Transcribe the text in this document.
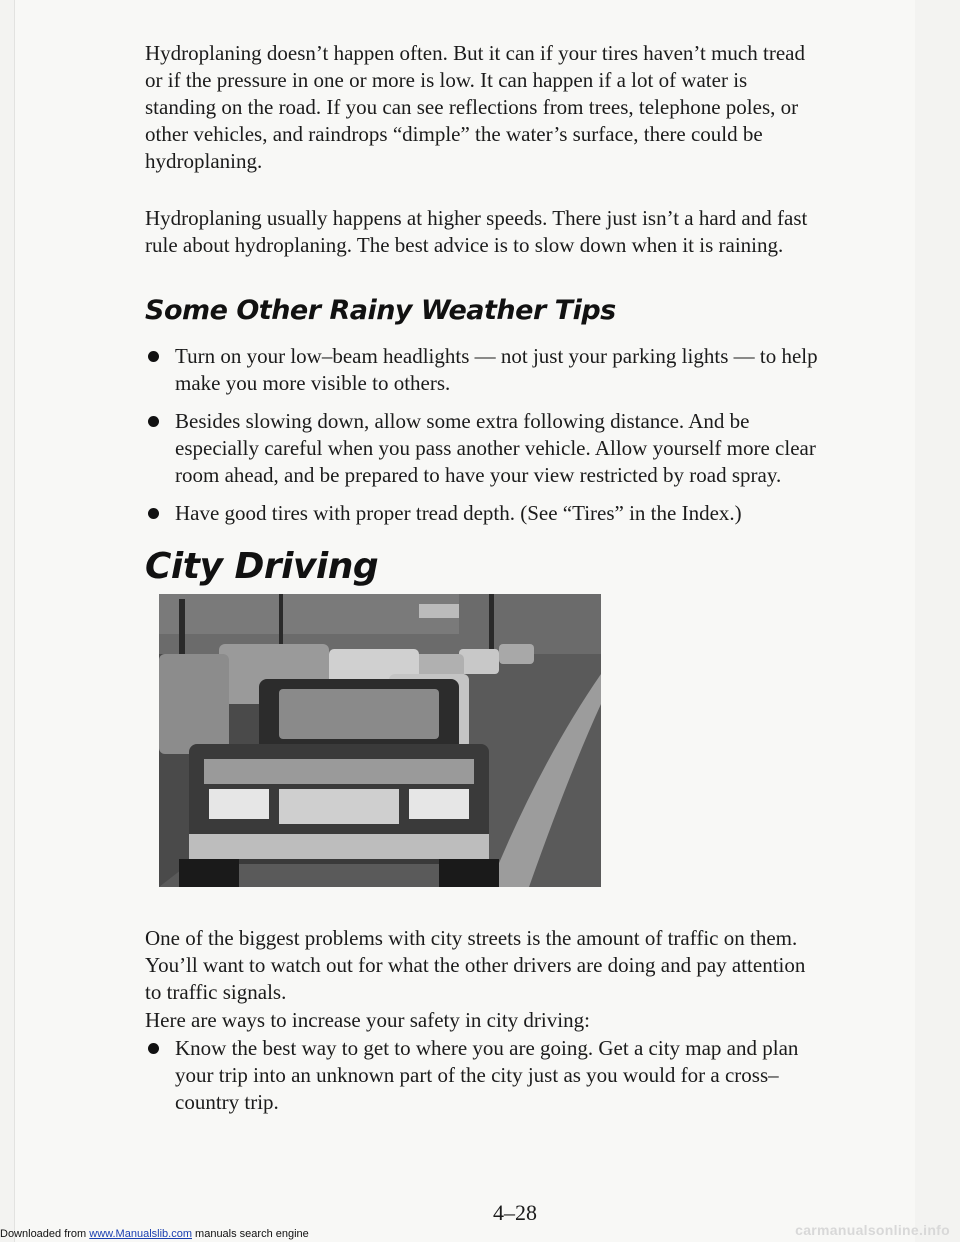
Hydroplaning doesn’t happen often. But it can if your tires haven’t much tread or if the pressure in one or more is low. It can happen if a lot of water is standing on the road. If you can see reflections from trees, telephone poles, or other vehicles, and raindrops “dimple” the water’s surface, there could be hydroplaning.

Hydroplaning usually happens at higher speeds. There just isn’t a hard and fast rule about hydroplaning. The best advice is to slow down when it is raining.

Some Other Rainy Weather Tips
Turn on your low–beam headlights — not just your parking lights — to help make you more visible to others.
Besides slowing down, allow some extra following distance. And be especially careful when you pass another vehicle. Allow yourself more clear room ahead, and be prepared to have your view restricted by road spray.
Have good tires with proper tread depth. (See “Tires” in the Index.)
City Driving

One of the biggest problems with city streets is the amount of traffic on them. You’ll want to watch out for what the other drivers are doing and pay attention to traffic signals.

Here are ways to increase your safety in city driving:

Know the best way to get to where you are going. Get a city map and plan your trip into an unknown part of the city just as you would for a cross–country trip.
4–28
Downloaded from www.Manualslib.com manuals search engine	carmanualsonline.info
